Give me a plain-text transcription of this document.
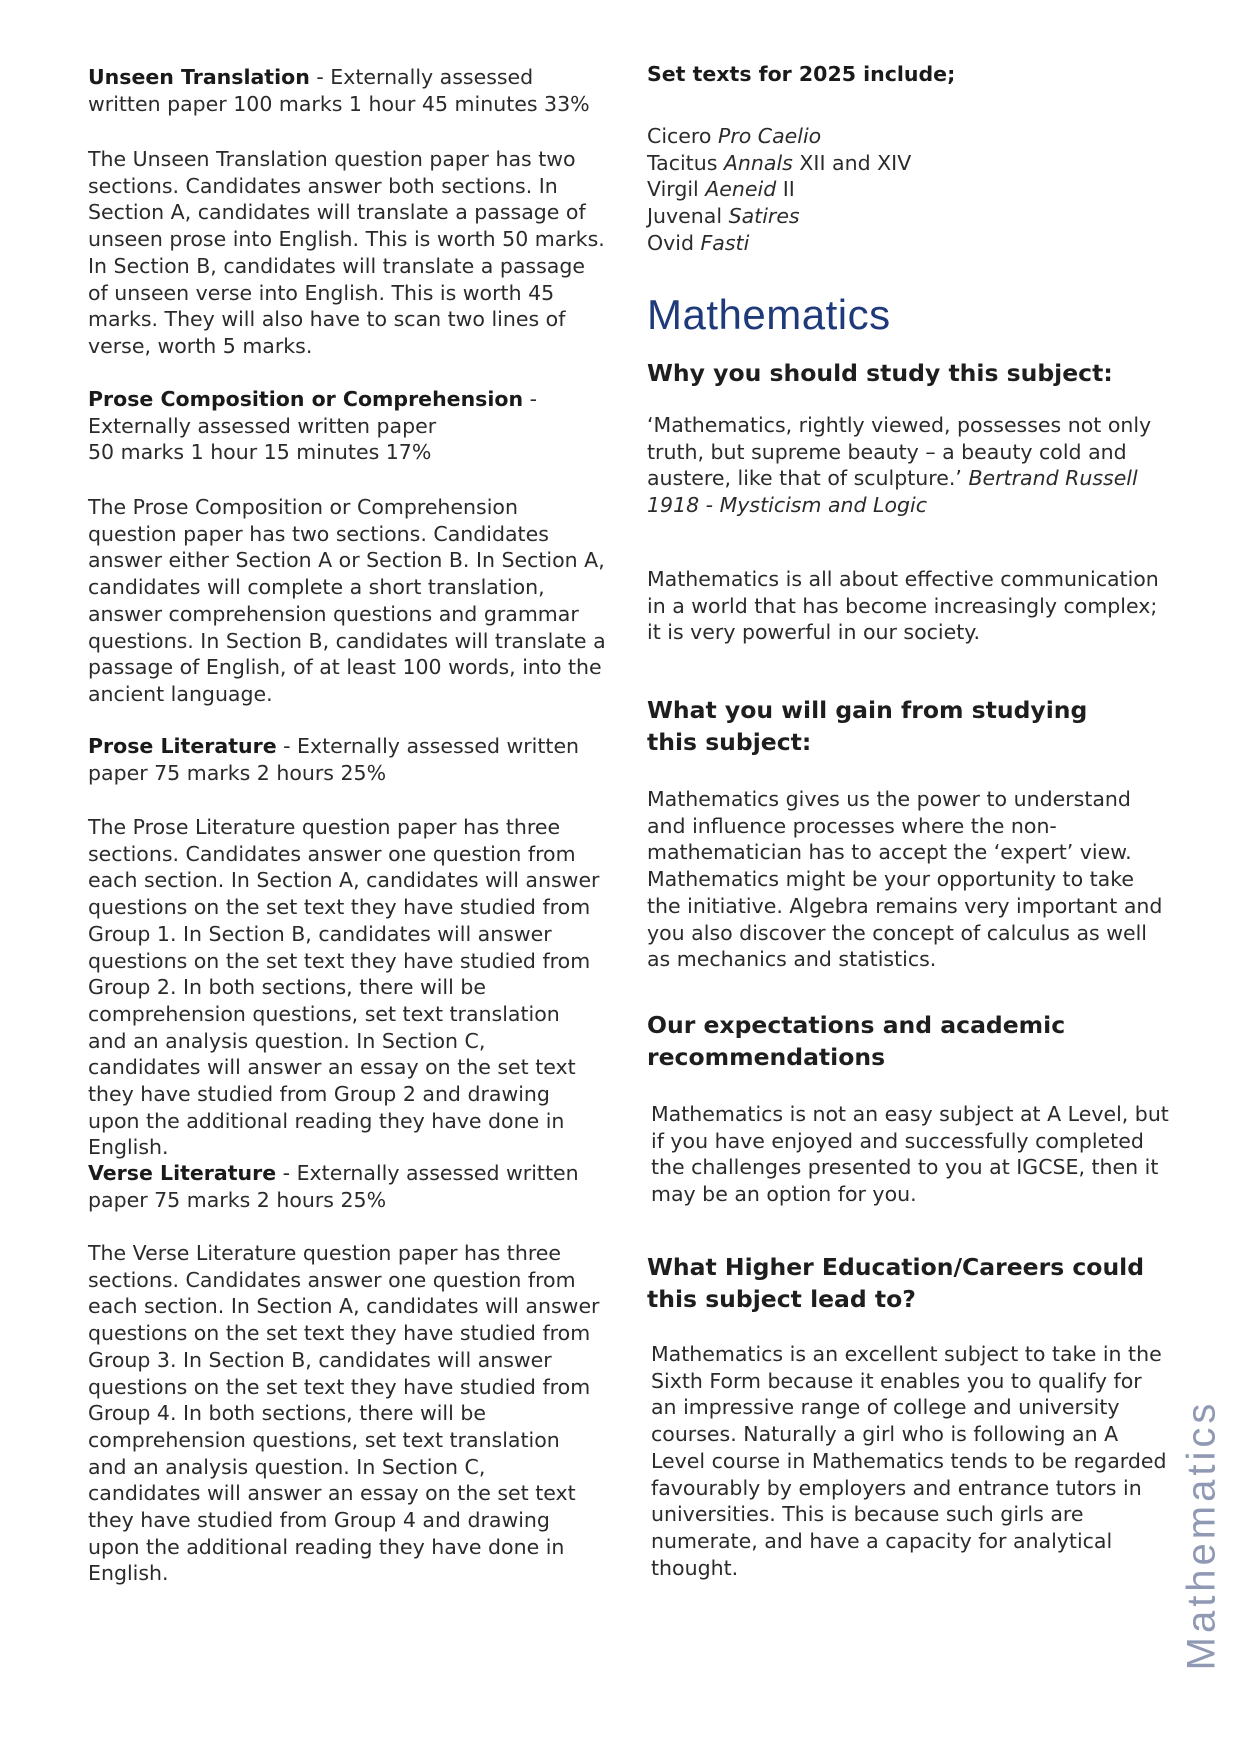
Unseen Translation - Externally assessed
written paper 100 marks 1 hour 45 minutes 33%

The Unseen Translation question paper has two sections. Candidates answer both sections. In Section A, candidates will translate a passage of unseen prose into English. This is worth 50 marks. In Section B, candidates will translate a passage of unseen verse into English. This is worth 45 marks. They will also have to scan two lines of verse, worth 5 marks.

Prose Composition or Comprehension -
Externally assessed written paper
50 marks 1 hour 15 minutes 17%

The Prose Composition or Comprehension question paper has two sections. Candidates answer either Section A or Section B. In Section A, candidates will complete a short translation, answer comprehension questions and grammar questions. In Section B, candidates will translate a passage of English, of at least 100 words, into the ancient language.

Prose Literature - Externally assessed written
paper 75 marks 2 hours 25%

The Prose Literature question paper has three sections. Candidates answer one question from each section. In Section A, candidates will answer questions on the set text they have studied from Group 1. In Section B, candidates will answer questions on the set text they have studied from Group 2. In both sections, there will be comprehension questions, set text translation and an analysis question. In Section C, candidates will answer an essay on the set text they have studied from Group 2 and drawing upon the additional reading they have done in English.

Verse Literature - Externally assessed written
paper 75 marks 2 hours 25%

The Verse Literature question paper has three sections. Candidates answer one question from each section. In Section A, candidates will answer questions on the set text they have studied from Group 3. In Section B, candidates will answer questions on the set text they have studied from Group 4. In both sections, there will be comprehension questions, set text translation and an analysis question. In Section C, candidates will answer an essay on the set text they have studied from Group 4 and drawing upon the additional reading they have done in English.

Set texts for 2025 include;

Cicero Pro Caelio
Tacitus Annals XII and XIV
Virgil Aeneid II
Juvenal Satires
Ovid Fasti
Mathematics
Why you should study this subject:

‘Mathematics, rightly viewed, possesses not only truth, but supreme beauty – a beauty cold and austere, like that of sculpture.’ Bertrand Russell 1918 - Mysticism and Logic

Mathematics is all about effective communication in a world that has become increasingly complex; it is very powerful in our society.

What you will gain from studying this subject:

Mathematics gives us the power to understand and influence processes where the non-mathematician has to accept the ‘expert’ view. Mathematics might be your opportunity to take the initiative. Algebra remains very important and you also discover the concept of calculus as well as mechanics and statistics.

Our expectations and academic recommendations

Mathematics is not an easy subject at A Level, but if you have enjoyed and successfully completed the challenges presented to you at IGCSE, then it may be an option for you.

What Higher Education/Careers could this subject lead to?

Mathematics is an excellent subject to take in the Sixth Form because it enables you to qualify for an impressive range of college and university courses. Naturally a girl who is following an A Level course in Mathematics tends to be regarded favourably by employers and entrance tutors in universities. This is because such girls are numerate, and have a capacity for analytical thought.	Mathematics
